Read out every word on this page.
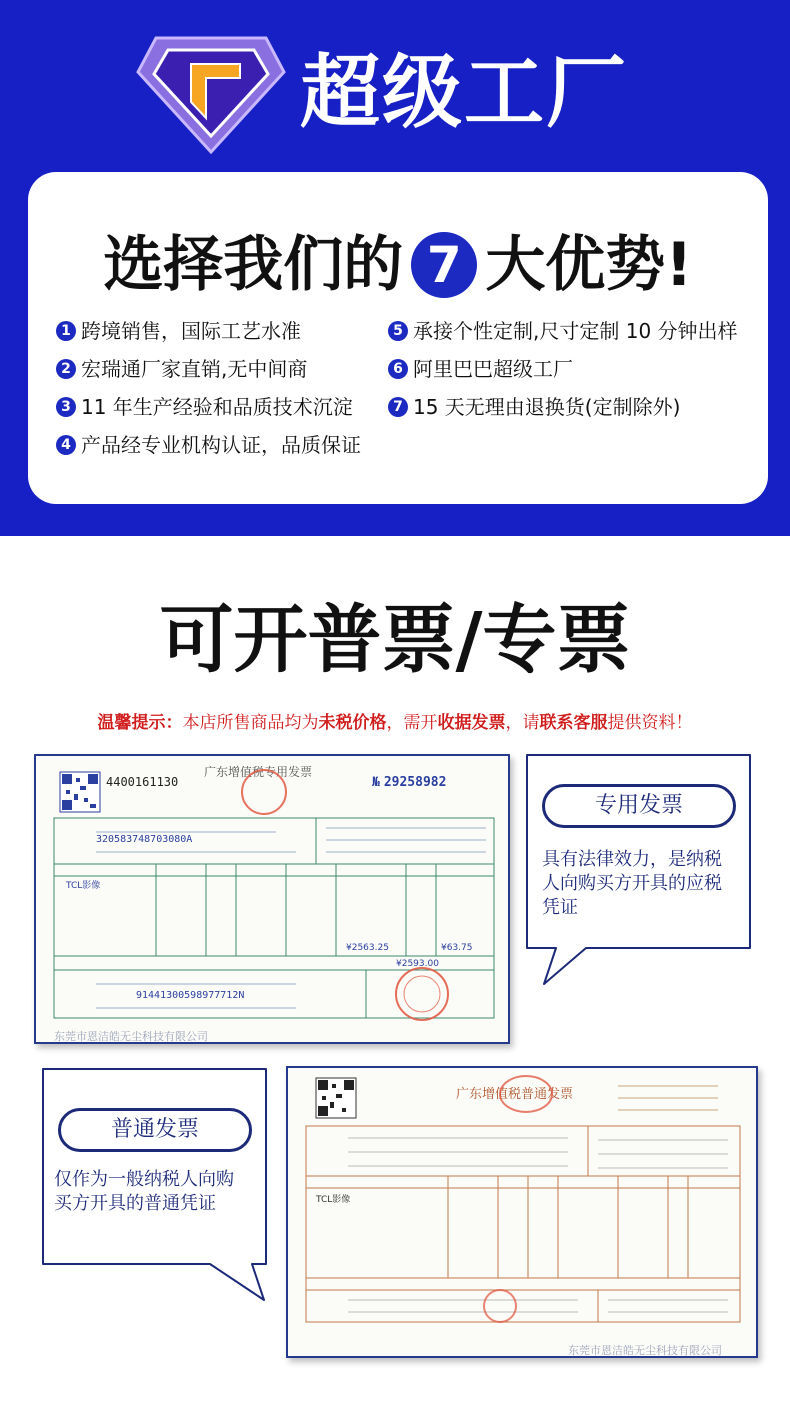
超级工厂
选择我们的 7 大优势!
1 跨境销售，国际工艺水准
2 宏瑞通厂家直销,无中间商
3 11 年生产经验和品质技术沉淀
4 产品经专业机构认证，品质保证
5 承接个性定制,尺寸定制 10 分钟出样
6 阿里巴巴超级工厂
7 15 天无理由退换货(定制除外)
可开普票/专票
温馨提示：本店所售商品均为未税价格，需开收据发票，请联系客服提供资料！
4400161130
广东增值税专用发票
№ 29258982
320583748703080A
TCL影像
¥2563.25	¥63.75
¥2593.00
91441300598977712N
东莞市恩洁皓无尘科技有限公司
专用发票
具有法律效力，是纳税
人向购买方开具的应税
凭证
普通发票
仅作为一般纳税人向购
买方开具的普通凭证
广东增值税普通发票
TCL影像
东莞市恩洁皓无尘科技有限公司
